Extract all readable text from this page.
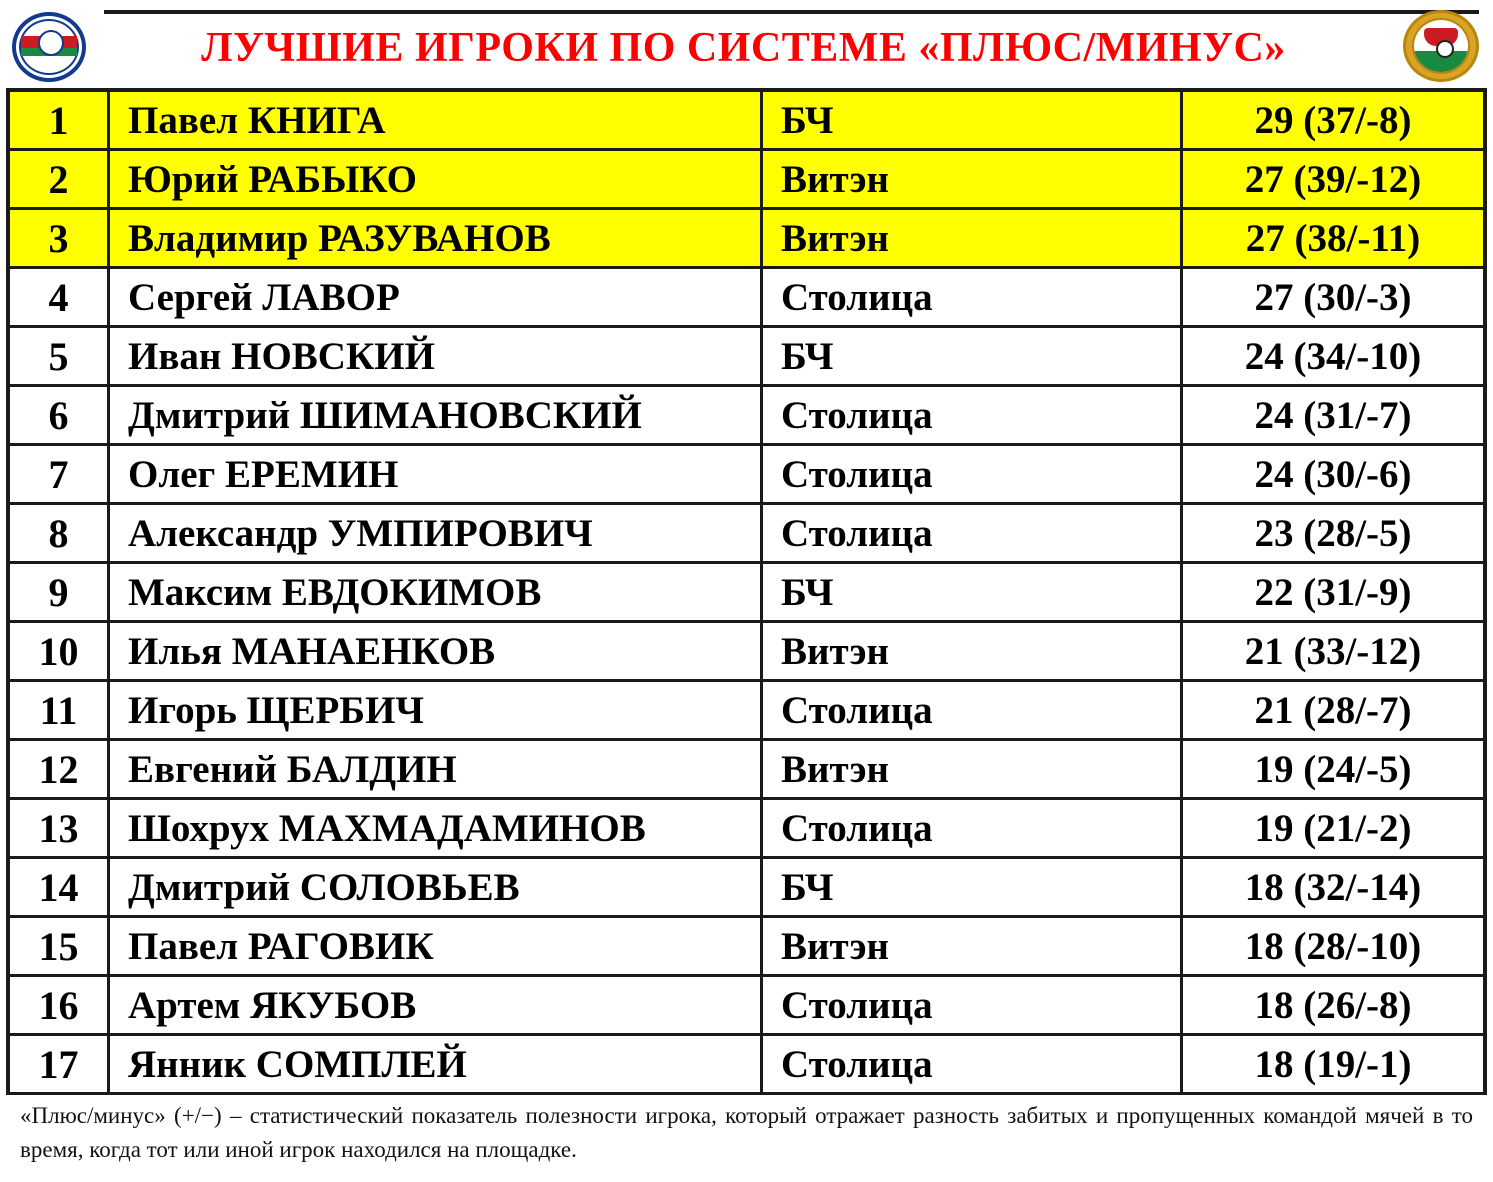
ЛУЧШИЕ ИГРОКИ ПО СИСТЕМЕ «ПЛЮС/МИНУС»
1	Павел КНИГА	БЧ	29 (37/-8)
2	Юрий РАБЫКО	Витэн	27 (39/-12)
3	Владимир РАЗУВАНОВ	Витэн	27 (38/-11)
4	Сергей ЛАВОР	Столица	27 (30/-3)
5	Иван НОВСКИЙ	БЧ	24 (34/-10)
6	Дмитрий ШИМАНОВСКИЙ	Столица	24 (31/-7)
7	Олег ЕРЕМИН	Столица	24 (30/-6)
8	Александр УМПИРОВИЧ	Столица	23 (28/-5)
9	Максим ЕВДОКИМОВ	БЧ	22 (31/-9)
10	Илья МАНАЕНКОВ	Витэн	21 (33/-12)
11	Игорь ЩЕРБИЧ	Столица	21 (28/-7)
12	Евгений БАЛДИН	Витэн	19 (24/-5)
13	Шохрух МАХМАДАМИНОВ	Столица	19 (21/-2)
14	Дмитрий СОЛОВЬЕВ	БЧ	18 (32/-14)
15	Павел РАГОВИК	Витэн	18 (28/-10)
16	Артем ЯКУБОВ	Столица	18 (26/-8)
17	Янник СОМПЛЕЙ	Столица	18 (19/-1)
«Плюс/минус» (+/−) – статистический показатель полезности игрока, который отражает разность забитых и пропущенных командой мячей в то время, когда тот или иной игрок находился на площадке.
